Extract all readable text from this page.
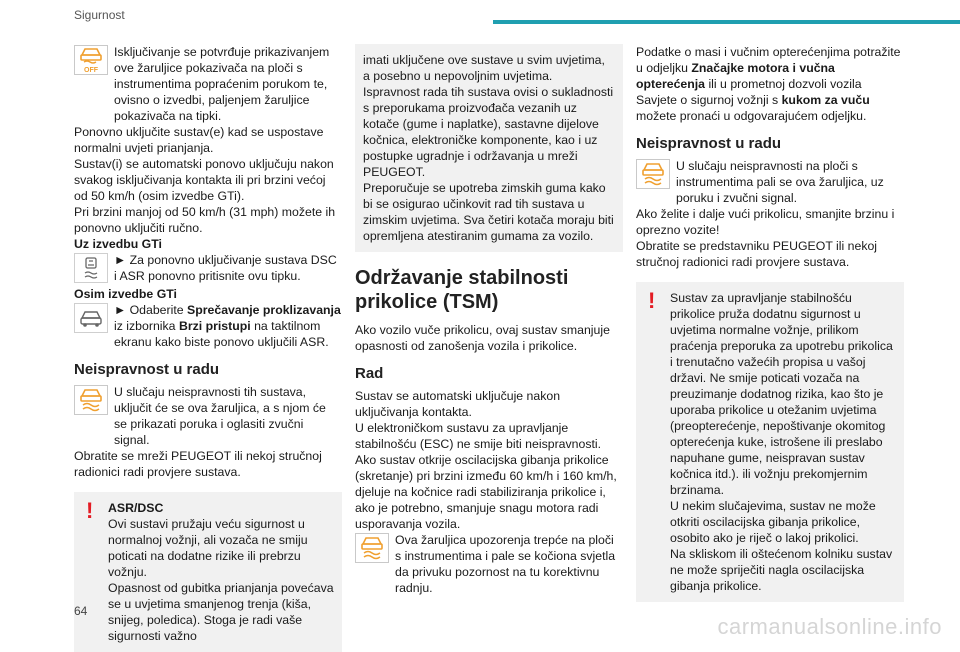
Sigurnost
OFF

Isključivanje se potvrđuje prikazivanjem ove žaruljice pokazivača na ploči s instrumentima popraćenim porukom te, ovisno o izvedbi, paljenjem žaruljice pokazivača na tipki.

Ponovno uključite sustav(e) kad se uspostave normalni uvjeti prianjanja.

Sustav(i) se automatski ponovo uključuju nakon svakog isključivanja kontakta ili pri brzini većoj od 50 km/h (osim izvedbe GTi).

Pri brzini manjoj od 50 km/h (31 mph) možete ih ponovno uključiti ručno.

Uz izvedbu GTi

► Za ponovno uključivanje sustava DSC i ASR ponovno pritisnite ovu tipku.

Osim izvedbe GTi

► Odaberite Sprečavanje proklizavanja iz izbornika Brzi pristupi na taktilnom ekranu kako biste ponovo uključili ASR.

Neispravnost u radu

U slučaju neispravnosti tih sustava, uključit će se ova žaruljica, a s njom će se prikazati poruka i oglasiti zvučni signal.

Obratite se mreži PEUGEOT ili nekoj stručnoj radionici radi provjere sustava.

! ASR/DSC

Ovi sustavi pružaju veću sigurnost u normalnoj vožnji, ali vozača ne smiju poticati na dodatne rizike ili prebrzu vožnju.

Opasnost od gubitka prianjanja povećava se u uvjetima smanjenog trenja (kiša, snijeg, poledica). Stoga je radi vaše sigurnosti važno

imati uključene ove sustave u svim uvjetima, a posebno u nepovoljnim uvjetima.

Ispravnost rada tih sustava ovisi o sukladnosti s preporukama proizvođača vezanih uz kotače (gume i naplatke), sastavne dijelove kočnica, elektroničke komponente, kao i uz postupke ugradnje i održavanja u mreži PEUGEOT.

Preporučuje se upotreba zimskih guma kako bi se osigurao učinkovit rad tih sustava u zimskim uvjetima. Sva četiri kotača moraju biti opremljena atestiranim gumama za vozilo.

Održavanje stabilnosti prikolice (TSM)

Ako vozilo vuče prikolicu, ovaj sustav smanjuje opasnosti od zanošenja vozila i prikolice.

Rad

Sustav se automatski uključuje nakon uključivanja kontakta.

U elektroničkom sustavu za upravljanje stabilnošću (ESC) ne smije biti neispravnosti.

Ako sustav otkrije oscilacijska gibanja prikolice (skretanje) pri brzini između 60 km/h i 160 km/h, djeluje na kočnice radi stabiliziranja prikolice i, ako je potrebno, smanjuje snagu motora radi usporavanja vozila.

Ova žaruljica upozorenja trepće na ploči s instrumentima i pale se kočiona svjetla da privuku pozornost na tu korektivnu radnju.

Podatke o masi i vučnim opterećenjima potražite u odjeljku Značajke motora i vučna opterećenja ili u prometnoj dozvoli vozila

Savjete o sigurnoj vožnji s kukom za vuču možete pronaći u odgovarajućem odjeljku.

Neispravnost u radu

U slučaju neispravnosti na ploči s instrumentima pali se ova žaruljica, uz poruku i zvučni signal.

Ako želite i dalje vući prikolicu, smanjite brzinu i oprezno vozite!

Obratite se predstavniku PEUGEOT ili nekoj stručnoj radionici radi provjere sustava.

! Sustav za upravljanje stabilnošću prikolice pruža dodatnu sigurnost u uvjetima normalne vožnje, prilikom praćenja preporuka za upotrebu prikolica i trenutačno važećih propisa u vašoj državi. Ne smije poticati vozača na preuzimanje dodatnog rizika, kao što je uporaba prikolice u otežanim uvjetima (preopterećenje, nepoštivanje okomitog opterećenja kuke, istrošene ili preslabo napuhane gume, neispravan sustav kočnica itd.). ili vožnju prekomjernim brzinama.

U nekim slučajevima, sustav ne može otkriti oscilacijska gibanja prikolice, osobito ako je riječ o lakoj prikolici.

Na skliskom ili oštećenom kolniku sustav ne može spriječiti nagla oscilacijska gibanja prikolice.

64
carmanualsonline.info
